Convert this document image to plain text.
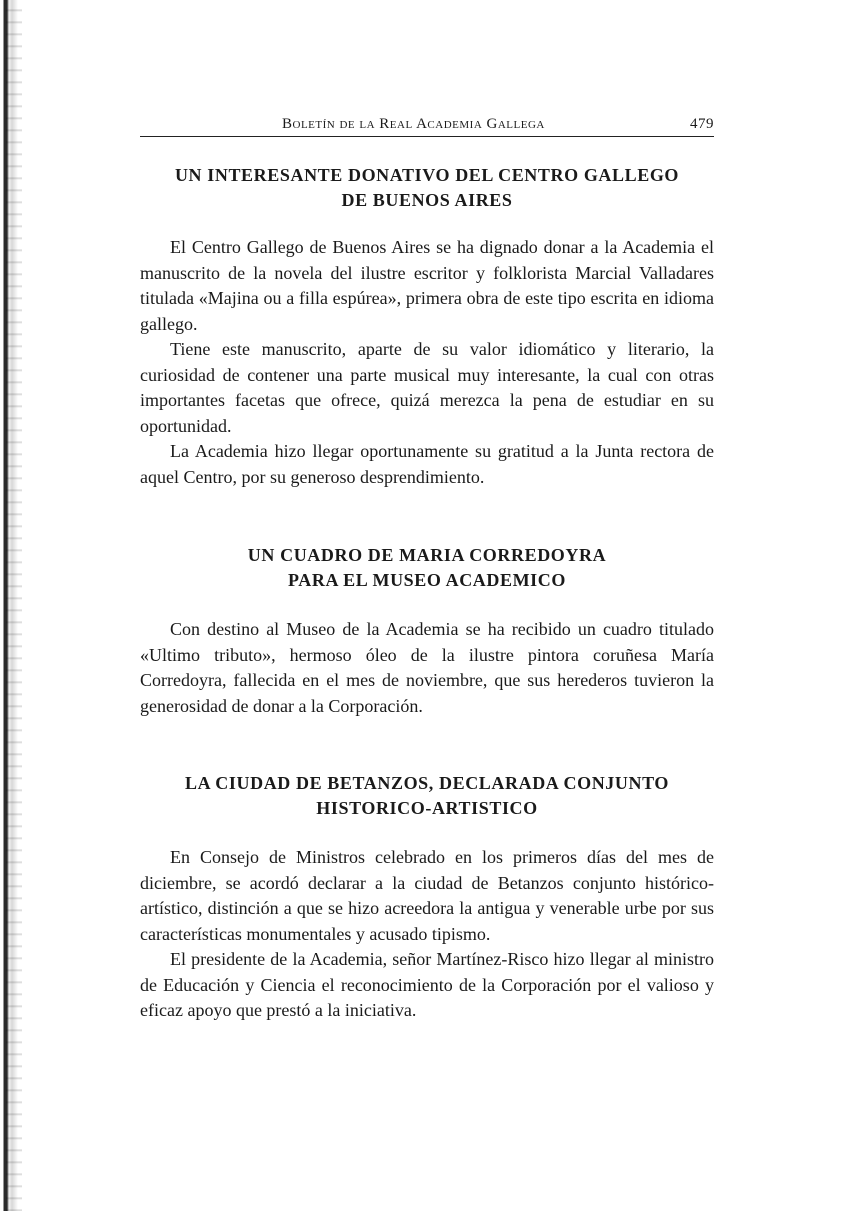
Boletín de la Real Academia Gallega	479
UN INTERESANTE DONATIVO DEL CENTRO GALLEGO
DE BUENOS AIRES

El Centro Gallego de Buenos Aires se ha dignado donar a la Academia el manuscrito de la novela del ilustre escritor y folklorista Marcial Valladares titulada «Majina ou a filla espúrea», primera obra de este tipo escrita en idioma gallego.

Tiene este manuscrito, aparte de su valor idiomático y literario, la curiosidad de contener una parte musical muy interesante, la cual con otras importantes facetas que ofrece, quizá merezca la pena de estudiar en su oportunidad.

La Academia hizo llegar oportunamente su gratitud a la Junta rectora de aquel Centro, por su generoso desprendimiento.

UN CUADRO DE MARIA CORREDOYRA
PARA EL MUSEO ACADEMICO

Con destino al Museo de la Academia se ha recibido un cuadro titulado «Ultimo tributo», hermoso óleo de la ilustre pintora coruñesa María Corredoyra, fallecida en el mes de noviembre, que sus herederos tuvieron la generosidad de donar a la Corporación.

LA CIUDAD DE BETANZOS, DECLARADA CONJUNTO
HISTORICO-ARTISTICO

En Consejo de Ministros celebrado en los primeros días del mes de diciembre, se acordó declarar a la ciudad de Betanzos conjunto histórico-artístico, distinción a que se hizo acreedora la antigua y venerable urbe por sus características monumentales y acusado tipismo.

El presidente de la Academia, señor Martínez-Risco hizo llegar al ministro de Educación y Ciencia el reconocimiento de la Corporación por el valioso y eficaz apoyo que prestó a la iniciativa.
